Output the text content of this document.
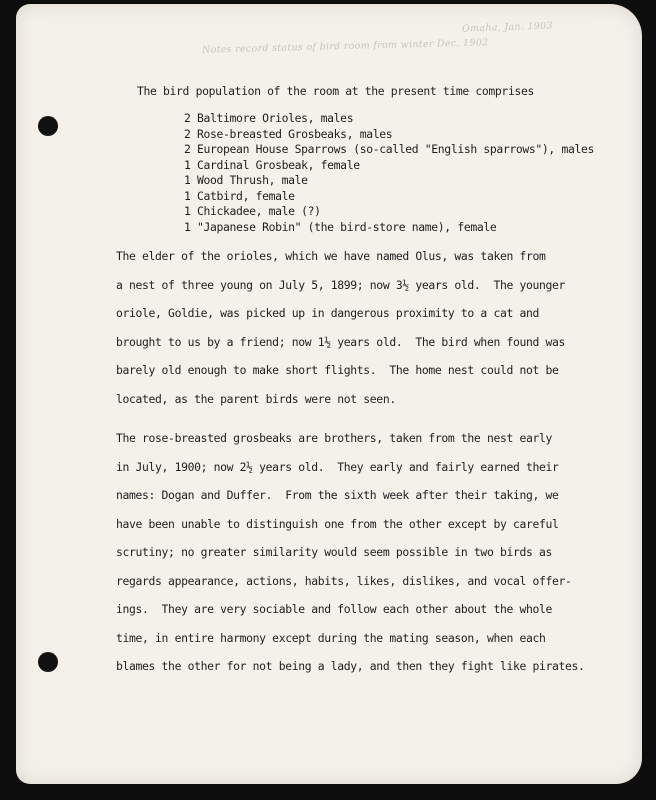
Omaha, Jan. 1903
Notes record status of bird room from winter Dec. 1902
The bird population of the room at the present time comprises
2 Baltimore Orioles, males
2 Rose-breasted Grosbeaks, males
2 European House Sparrows (so-called "English sparrows"), males
1 Cardinal Grosbeak, female
1 Wood Thrush, male
1 Catbird, female
1 Chickadee, male (?)
1 "Japanese Robin" (the bird-store name), female
The elder of the orioles, which we have named Olus, was taken from
a nest of three young on July 5, 1899; now 3½ years old.  The younger
oriole, Goldie, was picked up in dangerous proximity to a cat and
brought to us by a friend; now 1½ years old.  The bird when found was
barely old enough to make short flights.  The home nest could not be
located, as the parent birds were not seen.
The rose-breasted grosbeaks are brothers, taken from the nest early
in July, 1900; now 2½ years old.  They early and fairly earned their
names: Dogan and Duffer.  From the sixth week after their taking, we
have been unable to distinguish one from the other except by careful
scrutiny; no greater similarity would seem possible in two birds as
regards appearance, actions, habits, likes, dislikes, and vocal offer-
ings.  They are very sociable and follow each other about the whole
time, in entire harmony except during the mating season, when each
blames the other for not being a lady, and then they fight like pirates.
